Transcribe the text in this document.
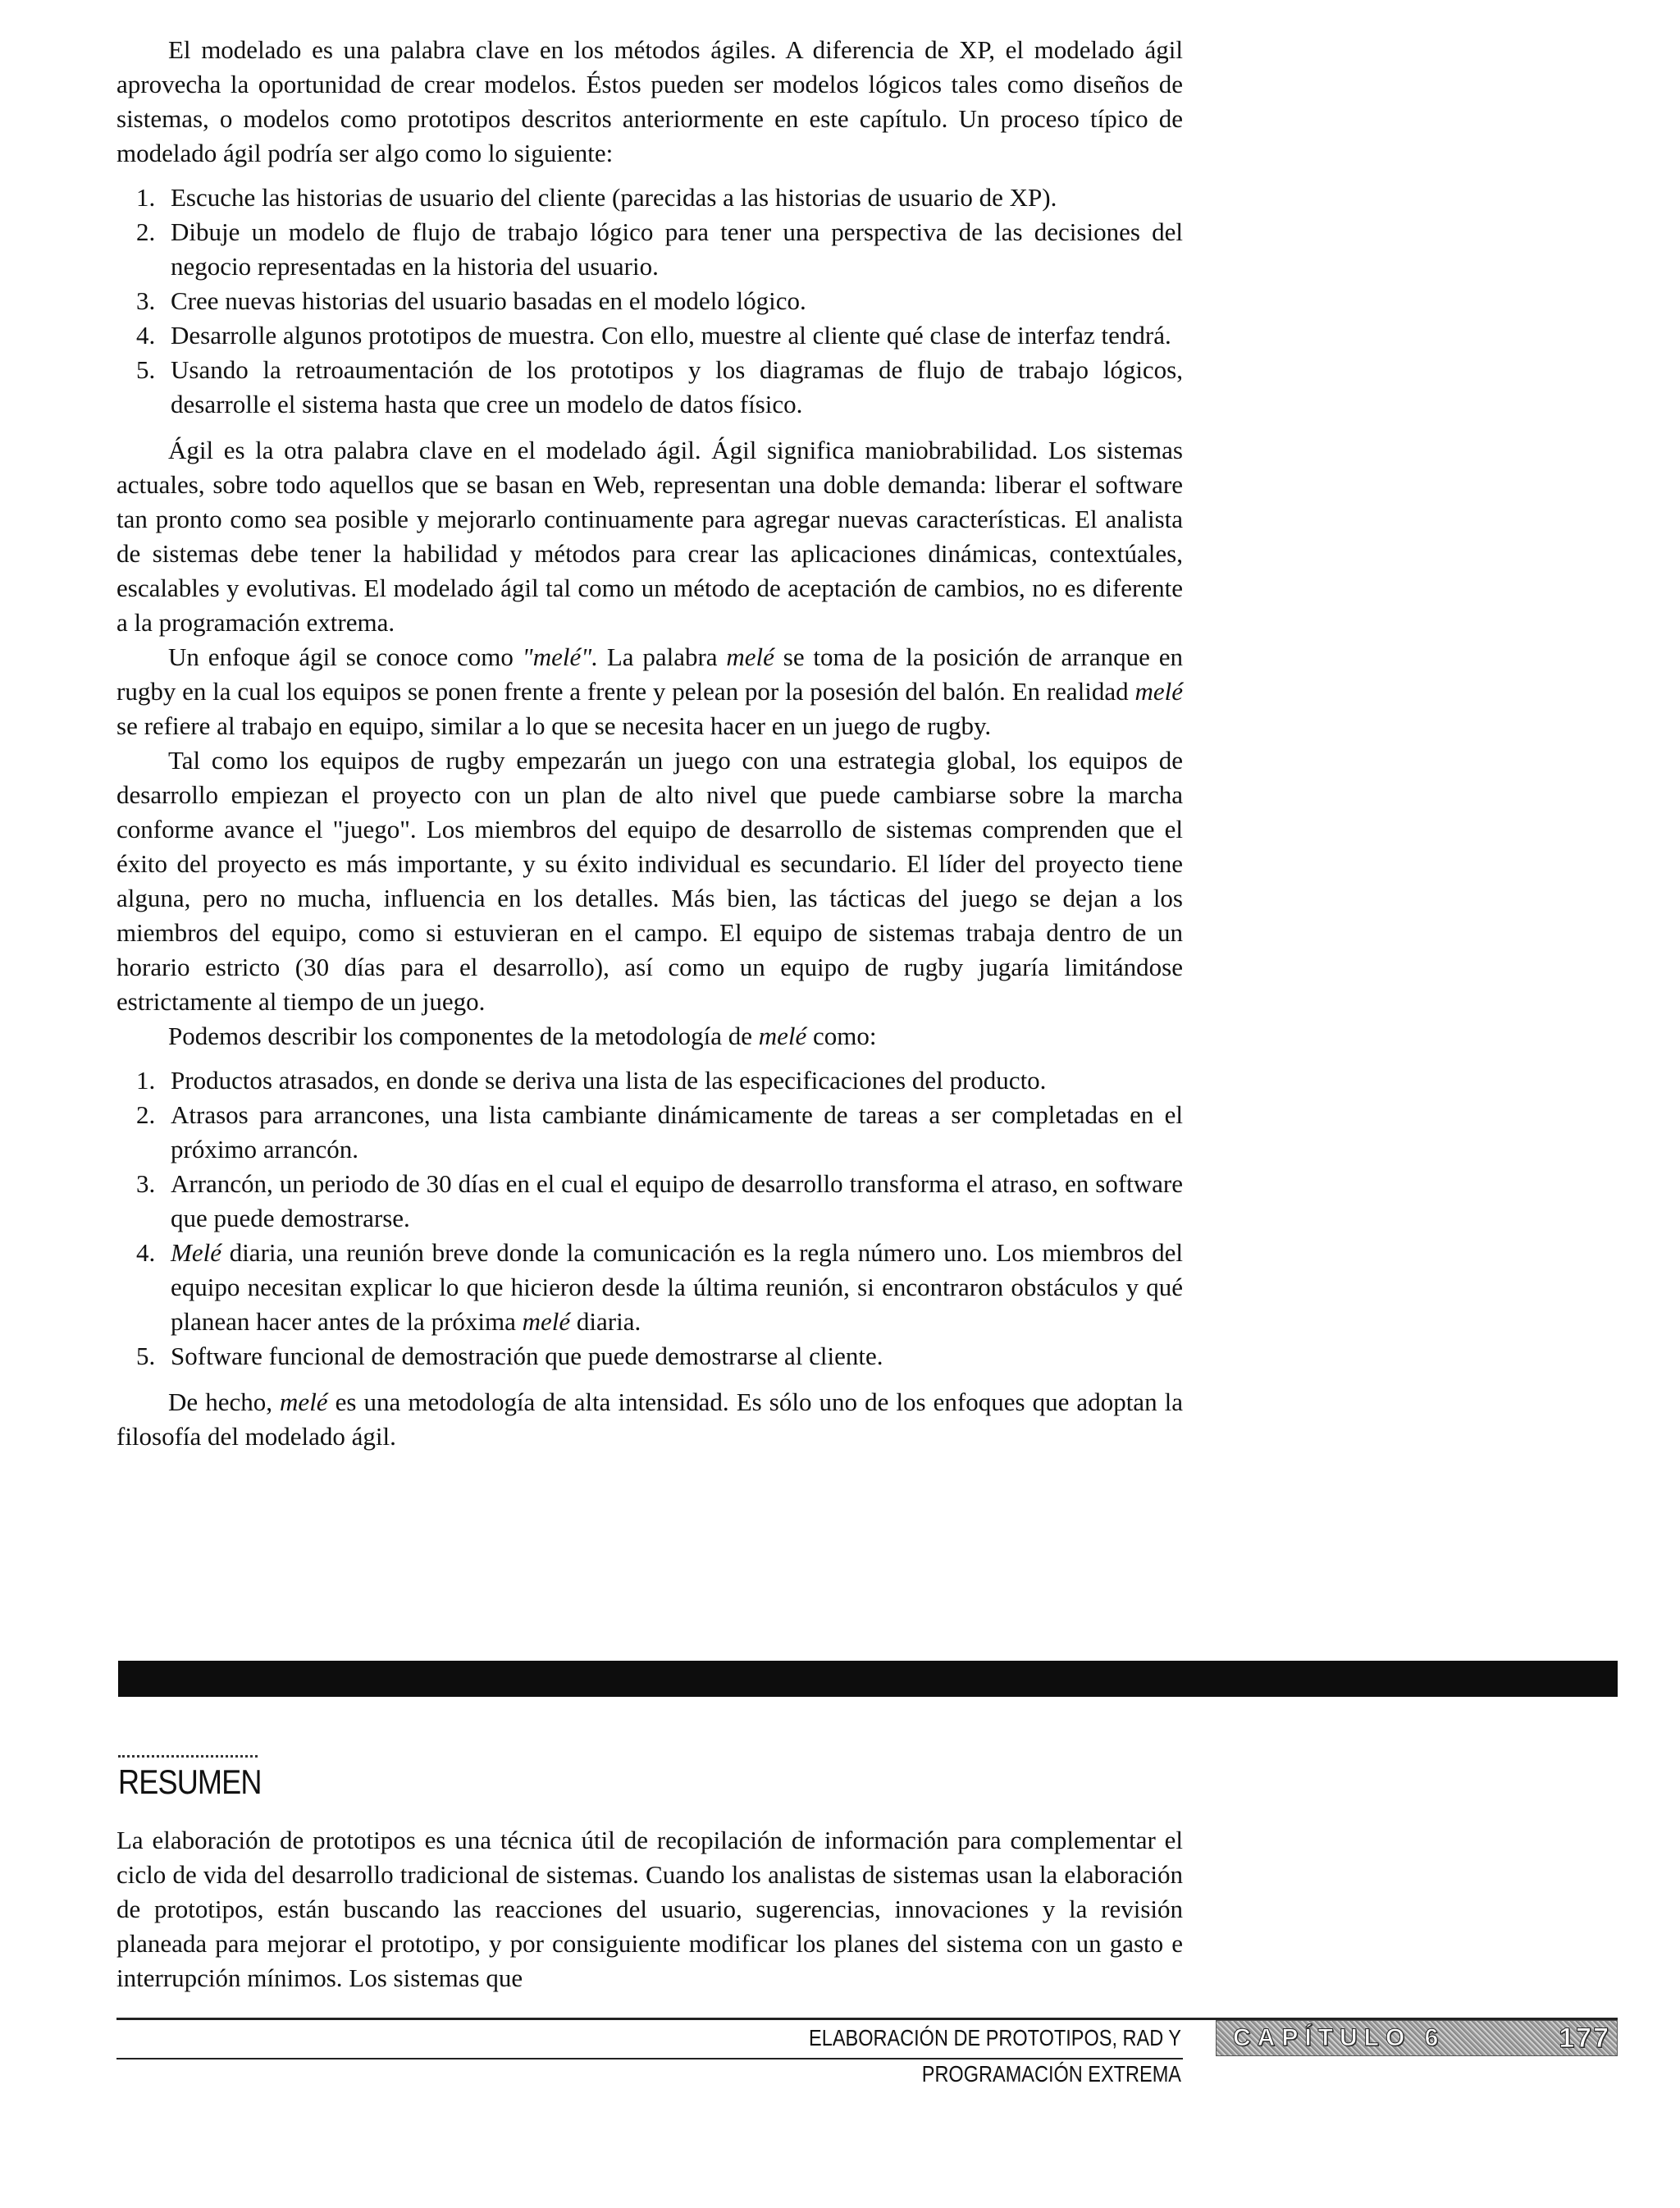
El modelado es una palabra clave en los métodos ágiles. A diferencia de XP, el modelado ágil aprovecha la oportunidad de crear modelos. Éstos pueden ser modelos lógicos tales como diseños de sistemas, o modelos como prototipos descritos anteriormente en este capítulo. Un proceso típico de modelado ágil podría ser algo como lo siguiente:

1. Escuche las historias de usuario del cliente (parecidas a las historias de usuario de XP).
2. Dibuje un modelo de flujo de trabajo lógico para tener una perspectiva de las decisiones del negocio representadas en la historia del usuario.
3. Cree nuevas historias del usuario basadas en el modelo lógico.
4. Desarrolle algunos prototipos de muestra. Con ello, muestre al cliente qué clase de interfaz tendrá.
5. Usando la retroaumentación de los prototipos y los diagramas de flujo de trabajo lógicos, desarrolle el sistema hasta que cree un modelo de datos físico.

Ágil es la otra palabra clave en el modelado ágil. Ágil significa maniobrabilidad. Los sistemas actuales, sobre todo aquellos que se basan en Web, representan una doble demanda: liberar el software tan pronto como sea posible y mejorarlo continuamente para agregar nuevas características. El analista de sistemas debe tener la habilidad y métodos para crear las aplicaciones dinámicas, contextúales, escalables y evolutivas. El modelado ágil tal como un método de aceptación de cambios, no es diferente a la programación extrema.

Un enfoque ágil se conoce como "melé". La palabra melé se toma de la posición de arranque en rugby en la cual los equipos se ponen frente a frente y pelean por la posesión del balón. En realidad melé se refiere al trabajo en equipo, similar a lo que se necesita hacer en un juego de rugby.

Tal como los equipos de rugby empezarán un juego con una estrategia global, los equipos de desarrollo empiezan el proyecto con un plan de alto nivel que puede cambiarse sobre la marcha conforme avance el "juego". Los miembros del equipo de desarrollo de sistemas comprenden que el éxito del proyecto es más importante, y su éxito individual es secundario. El líder del proyecto tiene alguna, pero no mucha, influencia en los detalles. Más bien, las tácticas del juego se dejan a los miembros del equipo, como si estuvieran en el campo. El equipo de sistemas trabaja dentro de un horario estricto (30 días para el desarrollo), así como un equipo de rugby jugaría limitándose estrictamente al tiempo de un juego.

Podemos describir los componentes de la metodología de melé como:

1. Productos atrasados, en donde se deriva una lista de las especificaciones del producto.
2. Atrasos para arrancones, una lista cambiante dinámicamente de tareas a ser completadas en el próximo arrancón.
3. Arrancón, un periodo de 30 días en el cual el equipo de desarrollo transforma el atraso, en software que puede demostrarse.
4. Melé diaria, una reunión breve donde la comunicación es la regla número uno. Los miembros del equipo necesitan explicar lo que hicieron desde la última reunión, si encontraron obstáculos y qué planean hacer antes de la próxima melé diaria.
5. Software funcional de demostración que puede demostrarse al cliente.

De hecho, melé es una metodología de alta intensidad. Es sólo uno de los enfoques que adoptan la filosofía del modelado ágil.

RESUMEN

La elaboración de prototipos es una técnica útil de recopilación de información para complementar el ciclo de vida del desarrollo tradicional de sistemas. Cuando los analistas de sistemas usan la elaboración de prototipos, están buscando las reacciones del usuario, sugerencias, innovaciones y la revisión planeada para mejorar el prototipo, y por consiguiente modificar los planes del sistema con un gasto e interrupción mínimos. Los sistemas que

ELABORACIÓN DE PROTOTIPOS, RAD Y PROGRAMACIÓN EXTREMA
CAPÍTULO 6	177
